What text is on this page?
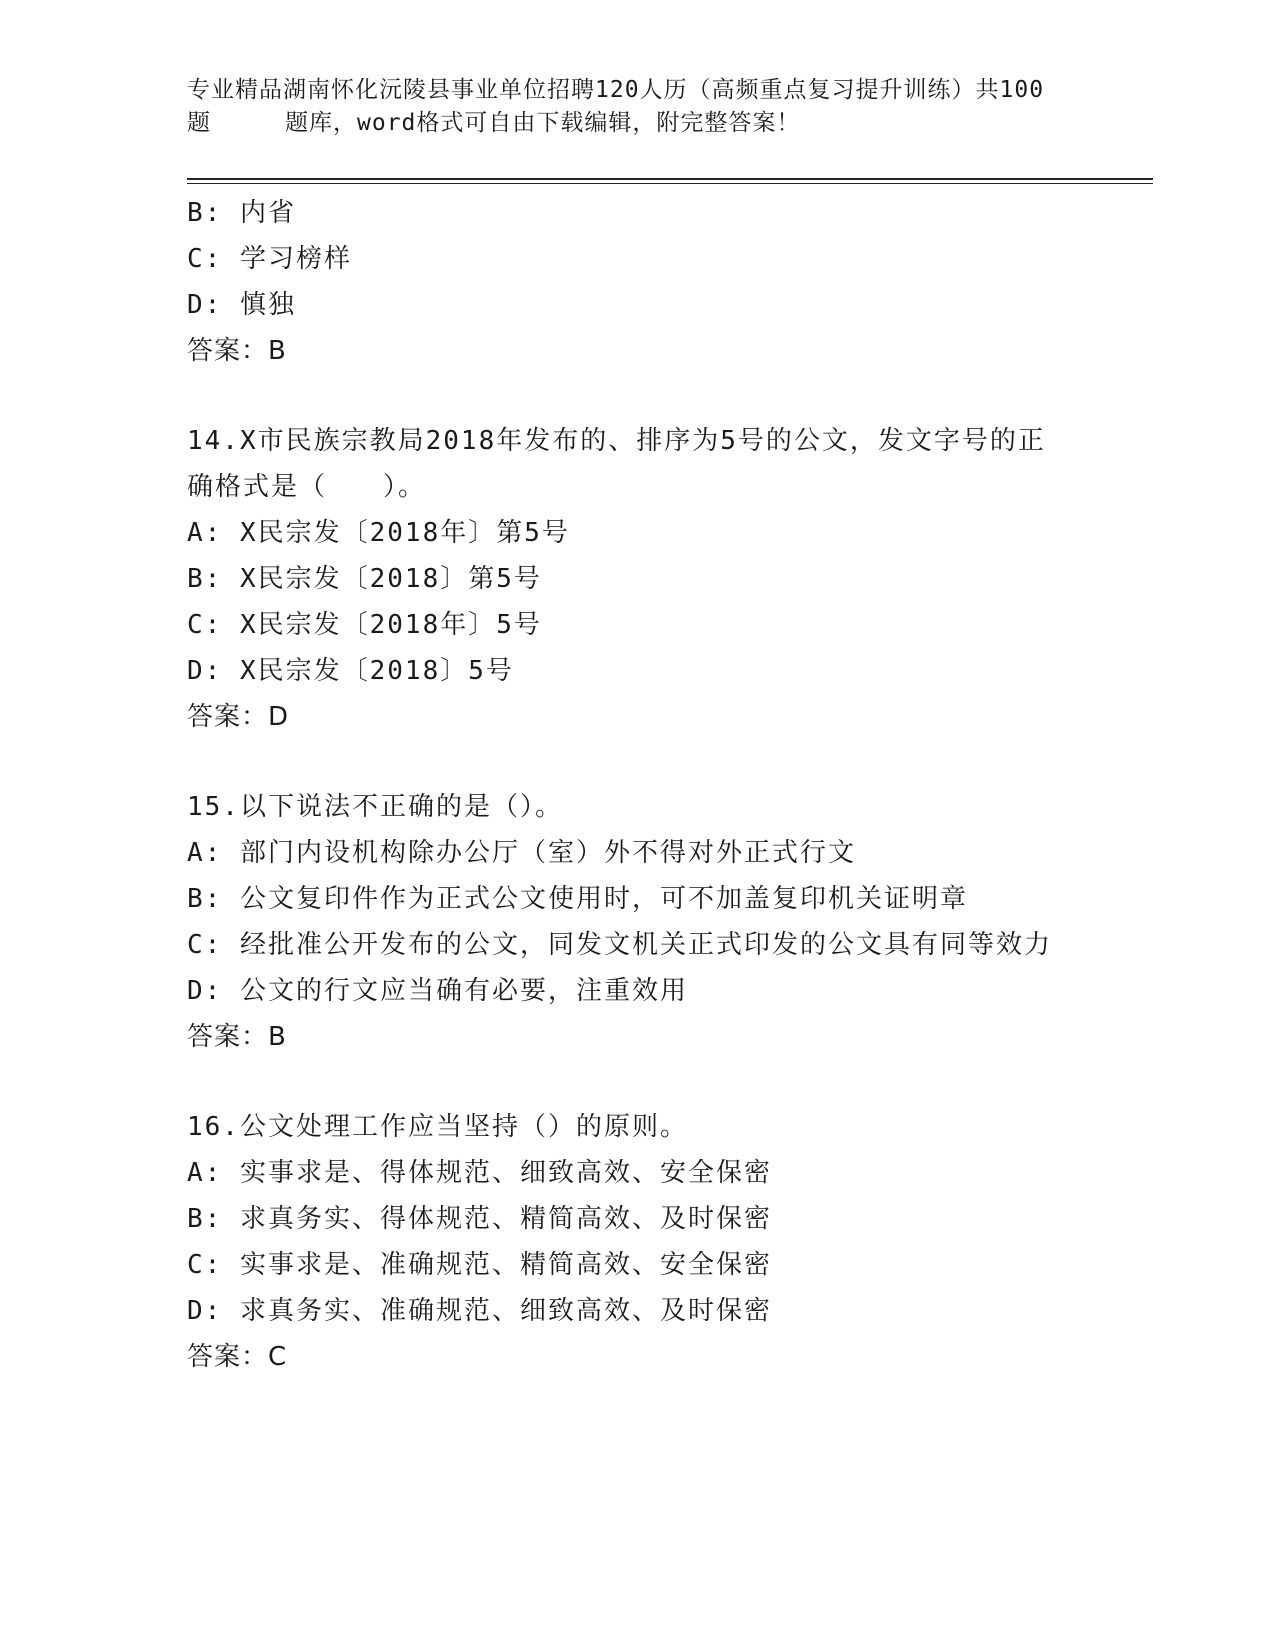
专业精品湖南怀化沅陵县事业单位招聘120人历（高频重点复习提升训练）共100
题	题库，word格式可自由下载编辑，附完整答案！
B: 内省
C: 学习榜样
D: 慎独
答案：B
14.X市民族宗教局2018年发布的、排序为5号的公文，发文字号的正
确格式是（　　）。
A: X民宗发〔2018年〕第5号
B: X民宗发〔2018〕第5号
C: X民宗发〔2018年〕5号
D: X民宗发〔2018〕5号
答案：D
15.以下说法不正确的是（）。
A: 部门内设机构除办公厅（室）外不得对外正式行文
B: 公文复印件作为正式公文使用时，可不加盖复印机关证明章
C: 经批准公开发布的公文，同发文机关正式印发的公文具有同等效力
D: 公文的行文应当确有必要，注重效用
答案：B
16.公文处理工作应当坚持（）的原则。
A: 实事求是、得体规范、细致高效、安全保密
B: 求真务实、得体规范、精简高效、及时保密
C: 实事求是、准确规范、精简高效、安全保密
D: 求真务实、准确规范、细致高效、及时保密
答案：C
